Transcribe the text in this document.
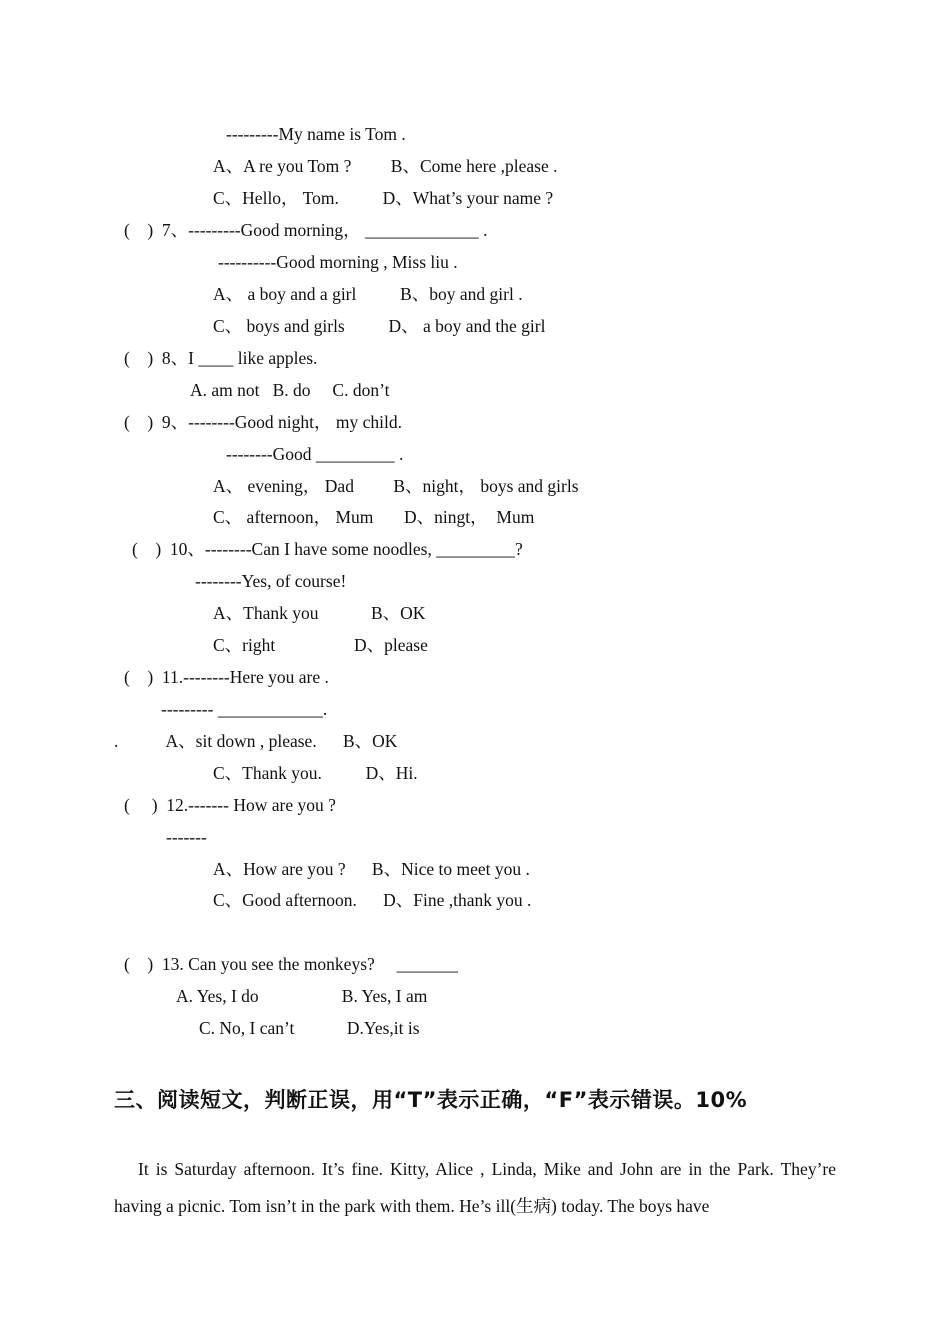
---------My name is Tom .
A、A re you Tom ?         B、Come here ,please .
C、Hello， Tom.          D、What’s your name ?
(    )  7、---------Good morning， _____________ .
----------Good morning , Miss liu .
A、 a boy and a girl          B、boy and girl .
C、 boys and girls          D、 a boy and the girl
(    )  8、I ____ like apples.
A. am not   B. do     C. don’t
(    )  9、--------Good night， my child.
--------Good _________ .
A、 evening， Dad         B、night， boys and girls
C、 afternoon， Mum       D、ningt，  Mum
(    )  10、--------Can I have some noodles, _________?
--------Yes, of course!
A、Thank you            B、OK
C、right                  D、please
(    )  11.--------Here you are .
--------- ____________.
.           A、sit down , please.      B、OK
C、Thank you.          D、Hi.
(     )  12.------- How are you ?
-------
A、How are you ?      B、Nice to meet you .
C、Good afternoon.      D、Fine ,thank you .
(    )  13. Can you see the monkeys?     _______
A. Yes, I do                   B. Yes, I am
C. No, I can’t            D.Yes,it is
三、阅读短文，判断正误，用“T”表示正确，“F”表示错误。10%
It is Saturday afternoon. It’s fine. Kitty, Alice , Linda, Mike and John are in the Park. They’re having a picnic. Tom isn’t in the park with them. He’s ill(生病) today. The boys have
